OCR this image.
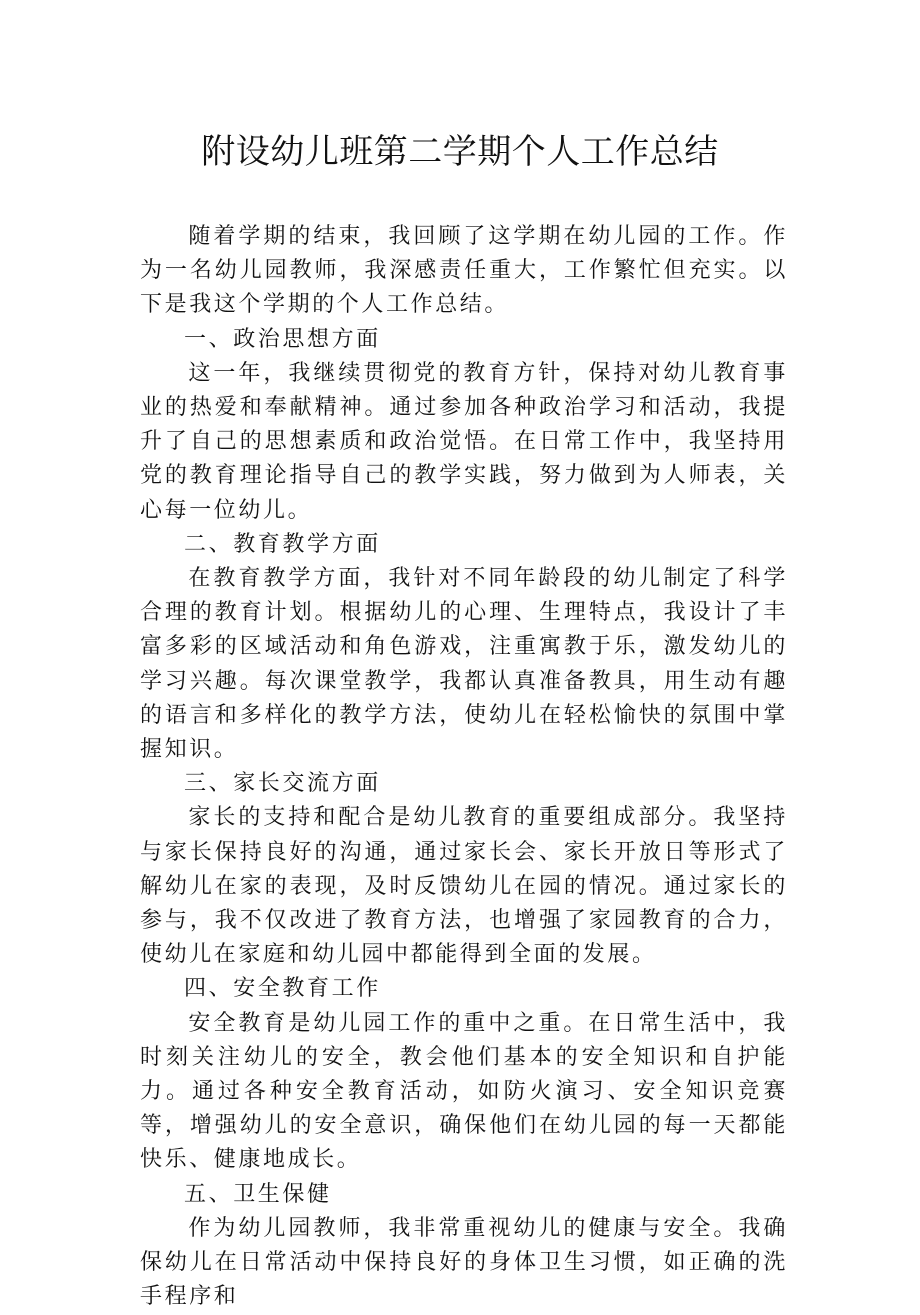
附设幼儿班第二学期个人工作总结

随着学期的结束，我回顾了这学期在幼儿园的工作。作为一名幼儿园教师，我深感责任重大，工作繁忙但充实。以下是我这个学期的个人工作总结。

一、政治思想方面

这一年，我继续贯彻党的教育方针，保持对幼儿教育事业的热爱和奉献精神。通过参加各种政治学习和活动，我提升了自己的思想素质和政治觉悟。在日常工作中，我坚持用党的教育理论指导自己的教学实践，努力做到为人师表，关心每一位幼儿。

二、教育教学方面

在教育教学方面，我针对不同年龄段的幼儿制定了科学合理的教育计划。根据幼儿的心理、生理特点，我设计了丰富多彩的区域活动和角色游戏，注重寓教于乐，激发幼儿的学习兴趣。每次课堂教学，我都认真准备教具，用生动有趣的语言和多样化的教学方法，使幼儿在轻松愉快的氛围中掌握知识。

三、家长交流方面

家长的支持和配合是幼儿教育的重要组成部分。我坚持与家长保持良好的沟通，通过家长会、家长开放日等形式了解幼儿在家的表现，及时反馈幼儿在园的情况。通过家长的参与，我不仅改进了教育方法，也增强了家园教育的合力，使幼儿在家庭和幼儿园中都能得到全面的发展。

四、安全教育工作

安全教育是幼儿园工作的重中之重。在日常生活中，我时刻关注幼儿的安全，教会他们基本的安全知识和自护能力。通过各种安全教育活动，如防火演习、安全知识竞赛等，增强幼儿的安全意识，确保他们在幼儿园的每一天都能快乐、健康地成长。

五、卫生保健

作为幼儿园教师，我非常重视幼儿的健康与安全。我确保幼儿在日常活动中保持良好的身体卫生习惯，如正确的洗手程序和
